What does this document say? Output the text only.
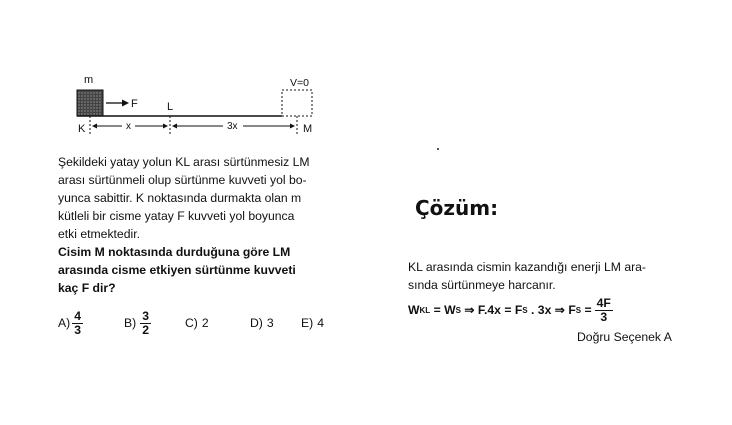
m
F	L
V=0
K	x	3x	M

Şekildeki yatay yolun KL arası sürtünmesiz LM

arası sürtünmeli olup sürtünme kuvveti yol bo-

yunca sabittir. K noktasında durmakta olan m

kütleli bir cisme yatay F kuvveti yol boyunca

etki etmektedir.

Cisim M noktasında durduğuna göre LM
arasında cisme etkiyen sürtünme kuvveti
kaç F dir?
$A) \frac{4}{3}$	$B) \frac{3}{2}$	C) 2	D) 3 E) 4
Çözüm:
KL arasında cismin kazandığı enerji LM ara-
sında sürtünmeye harcanır.
W KL = W S ⇒ F.4x = F S . 3x ⇒ F $S = \frac{4F}{3}$
Doğru Seçenek A
